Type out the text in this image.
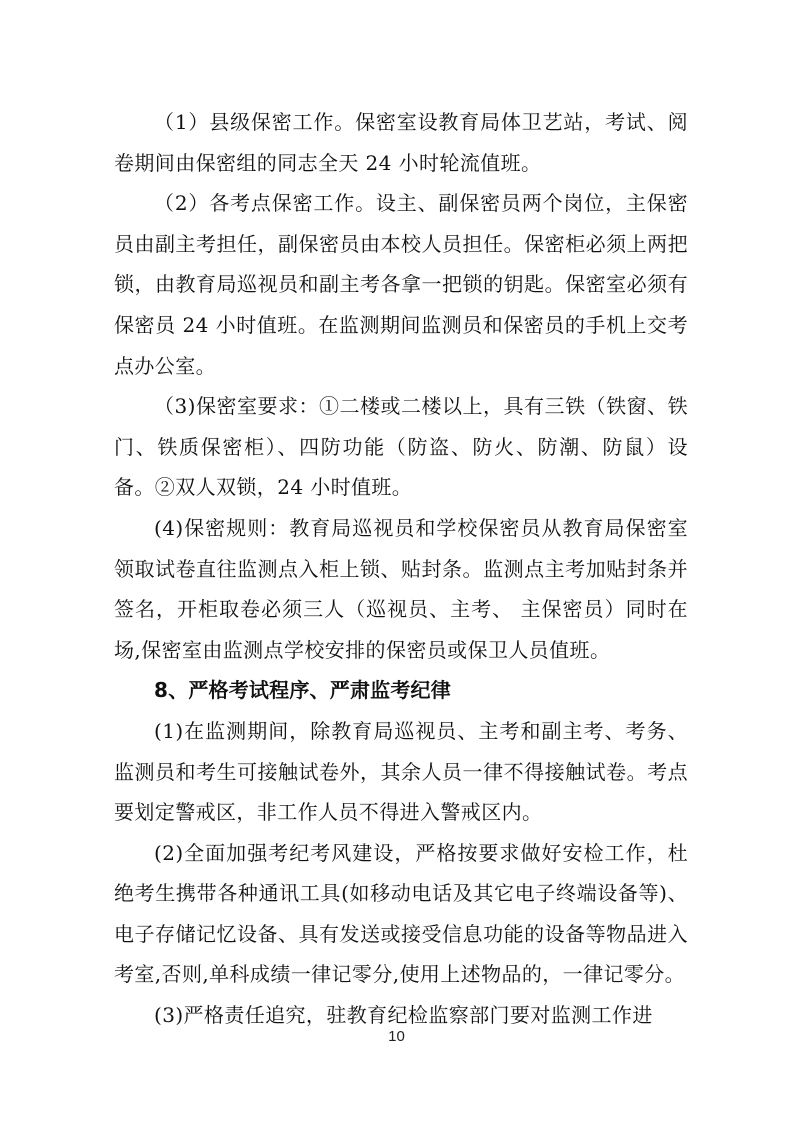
（1）县级保密工作。保密室设教育局体卫艺站，考试、阅卷期间由保密组的同志全天 24 小时轮流值班。

（2）各考点保密工作。设主、副保密员两个岗位，主保密员由副主考担任，副保密员由本校人员担任。保密柜必须上两把锁，由教育局巡视员和副主考各拿一把锁的钥匙。保密室必须有保密员 24 小时值班。在监测期间监测员和保密员的手机上交考点办公室。

（3)保密室要求：①二楼或二楼以上，具有三铁（铁窗、铁门、铁质保密柜）、四防功能（防盗、防火、防潮、防鼠）设备。②双人双锁，24 小时值班。

(4)保密规则：教育局巡视员和学校保密员从教育局保密室领取试卷直往监测点入柜上锁、贴封条。监测点主考加贴封条并签名，开柜取卷必须三人（巡视员、主考、 主保密员）同时在场,保密室由监测点学校安排的保密员或保卫人员值班。

8、严格考试程序、严肃监考纪律

(1)在监测期间，除教育局巡视员、主考和副主考、考务、监测员和考生可接触试卷外，其余人员一律不得接触试卷。考点要划定警戒区，非工作人员不得进入警戒区内。

(2)全面加强考纪考风建设，严格按要求做好安检工作，杜绝考生携带各种通讯工具(如移动电话及其它电子终端设备等)、电子存储记忆设备、具有发送或接受信息功能的设备等物品进入考室,否则,单科成绩一律记零分,使用上述物品的，一律记零分。

(3)严格责任追究，驻教育纪检监察部门要对监测工作进

10
